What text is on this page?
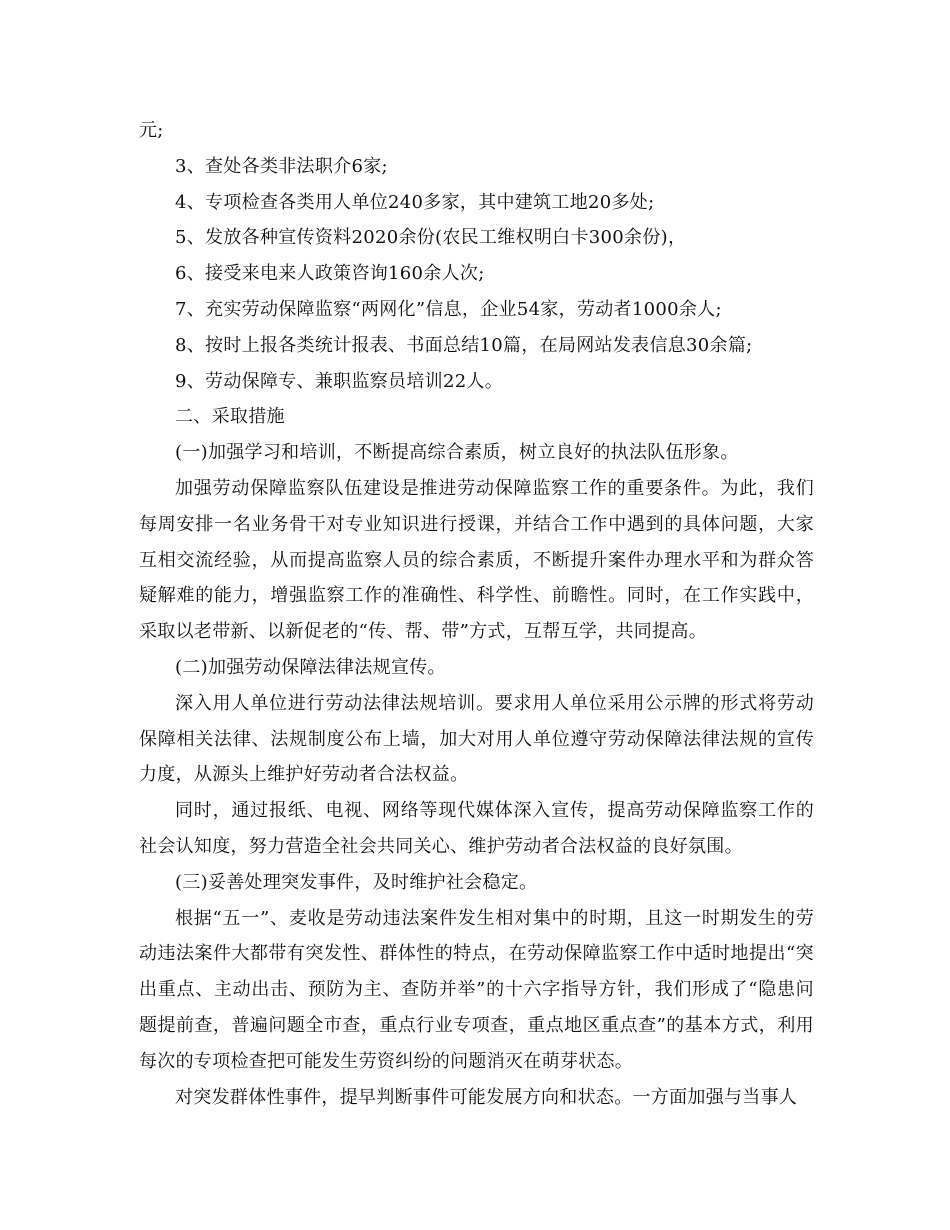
元;

3、查处各类非法职介6家;

4、专项检查各类用人单位240多家，其中建筑工地20多处;

5、发放各种宣传资料2020余份(农民工维权明白卡300余份)，

6、接受来电来人政策咨询160余人次;

7、充实劳动保障监察“两网化”信息，企业54家，劳动者1000余人;

8、按时上报各类统计报表、书面总结10篇，在局网站发表信息30余篇;

9、劳动保障专、兼职监察员培训22人。

二、采取措施

(一)加强学习和培训，不断提高综合素质，树立良好的执法队伍形象。

加强劳动保障监察队伍建设是推进劳动保障监察工作的重要条件。为此，我们每周安排一名业务骨干对专业知识进行授课，并结合工作中遇到的具体问题，大家互相交流经验，从而提高监察人员的综合素质，不断提升案件办理水平和为群众答疑解难的能力，增强监察工作的准确性、科学性、前瞻性。同时，在工作实践中，采取以老带新、以新促老的“传、帮、带”方式，互帮互学，共同提高。

(二)加强劳动保障法律法规宣传。

深入用人单位进行劳动法律法规培训。要求用人单位采用公示牌的形式将劳动保障相关法律、法规制度公布上墙，加大对用人单位遵守劳动保障法律法规的宣传力度，从源头上维护好劳动者合法权益。

同时，通过报纸、电视、网络等现代媒体深入宣传，提高劳动保障监察工作的社会认知度，努力营造全社会共同关心、维护劳动者合法权益的良好氛围。

(三)妥善处理突发事件，及时维护社会稳定。

根据“五一”、麦收是劳动违法案件发生相对集中的时期，且这一时期发生的劳动违法案件大都带有突发性、群体性的特点，在劳动保障监察工作中适时地提出“突出重点、主动出击、预防为主、查防并举”的十六字指导方针，我们形成了“隐患问题提前查，普遍问题全市查，重点行业专项查，重点地区重点查”的基本方式，利用每次的专项检查把可能发生劳资纠纷的问题消灭在萌芽状态。

对突发群体性事件，提早判断事件可能发展方向和状态。一方面加强与当事人
